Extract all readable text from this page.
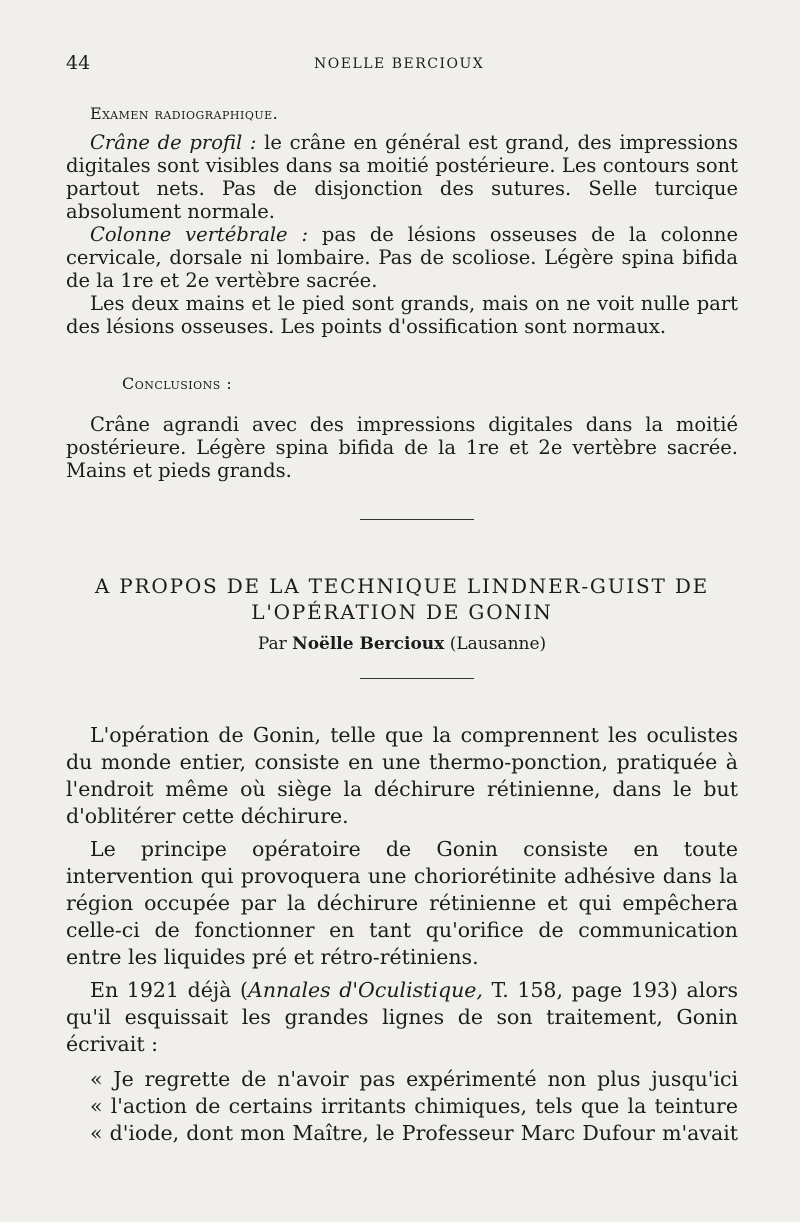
44	NOELLE BERCIOUX

Examen radiographique.

Crâne de profil : le crâne en général est grand, des impressions digitales sont visibles dans sa moitié postérieure. Les contours sont partout nets. Pas de disjonction des sutures. Selle turcique absolument normale.

Colonne vertébrale : pas de lésions osseuses de la colonne cervicale, dorsale ni lombaire. Pas de scoliose. Légère spina bifida de la 1re et 2e vertèbre sacrée.

Les deux mains et le pied sont grands, mais on ne voit nulle part des lésions osseuses. Les points d'ossification sont normaux.

Conclusions :

Crâne agrandi avec des impressions digitales dans la moitié postérieure. Légère spina bifida de la 1re et 2e vertèbre sacrée. Mains et pieds grands.

A PROPOS DE LA TECHNIQUE LINDNER-GUIST DE
L'OPÉRATION DE GONIN
Par Noëlle Bercioux (Lausanne)

L'opération de Gonin, telle que la comprennent les oculistes du monde entier, consiste en une thermo-ponction, pratiquée à l'endroit même où siège la déchirure rétinienne, dans le but d'oblitérer cette déchirure.

Le principe opératoire de Gonin consiste en toute intervention qui provoquera une choriorétinite adhésive dans la région occupée par la déchirure rétinienne et qui empêchera celle-ci de fonctionner en tant qu'orifice de communication entre les liquides pré et rétro-rétiniens.

En 1921 déjà (Annales d'Oculistique, T. 158, page 193) alors qu'il esquissait les grandes lignes de son traitement, Gonin écrivait :

« Je regrette de n'avoir pas expérimenté non plus jusqu'ici

« l'action de certains irritants chimiques, tels que la teinture

« d'iode, dont mon Maître, le Professeur Marc Dufour m'avait
